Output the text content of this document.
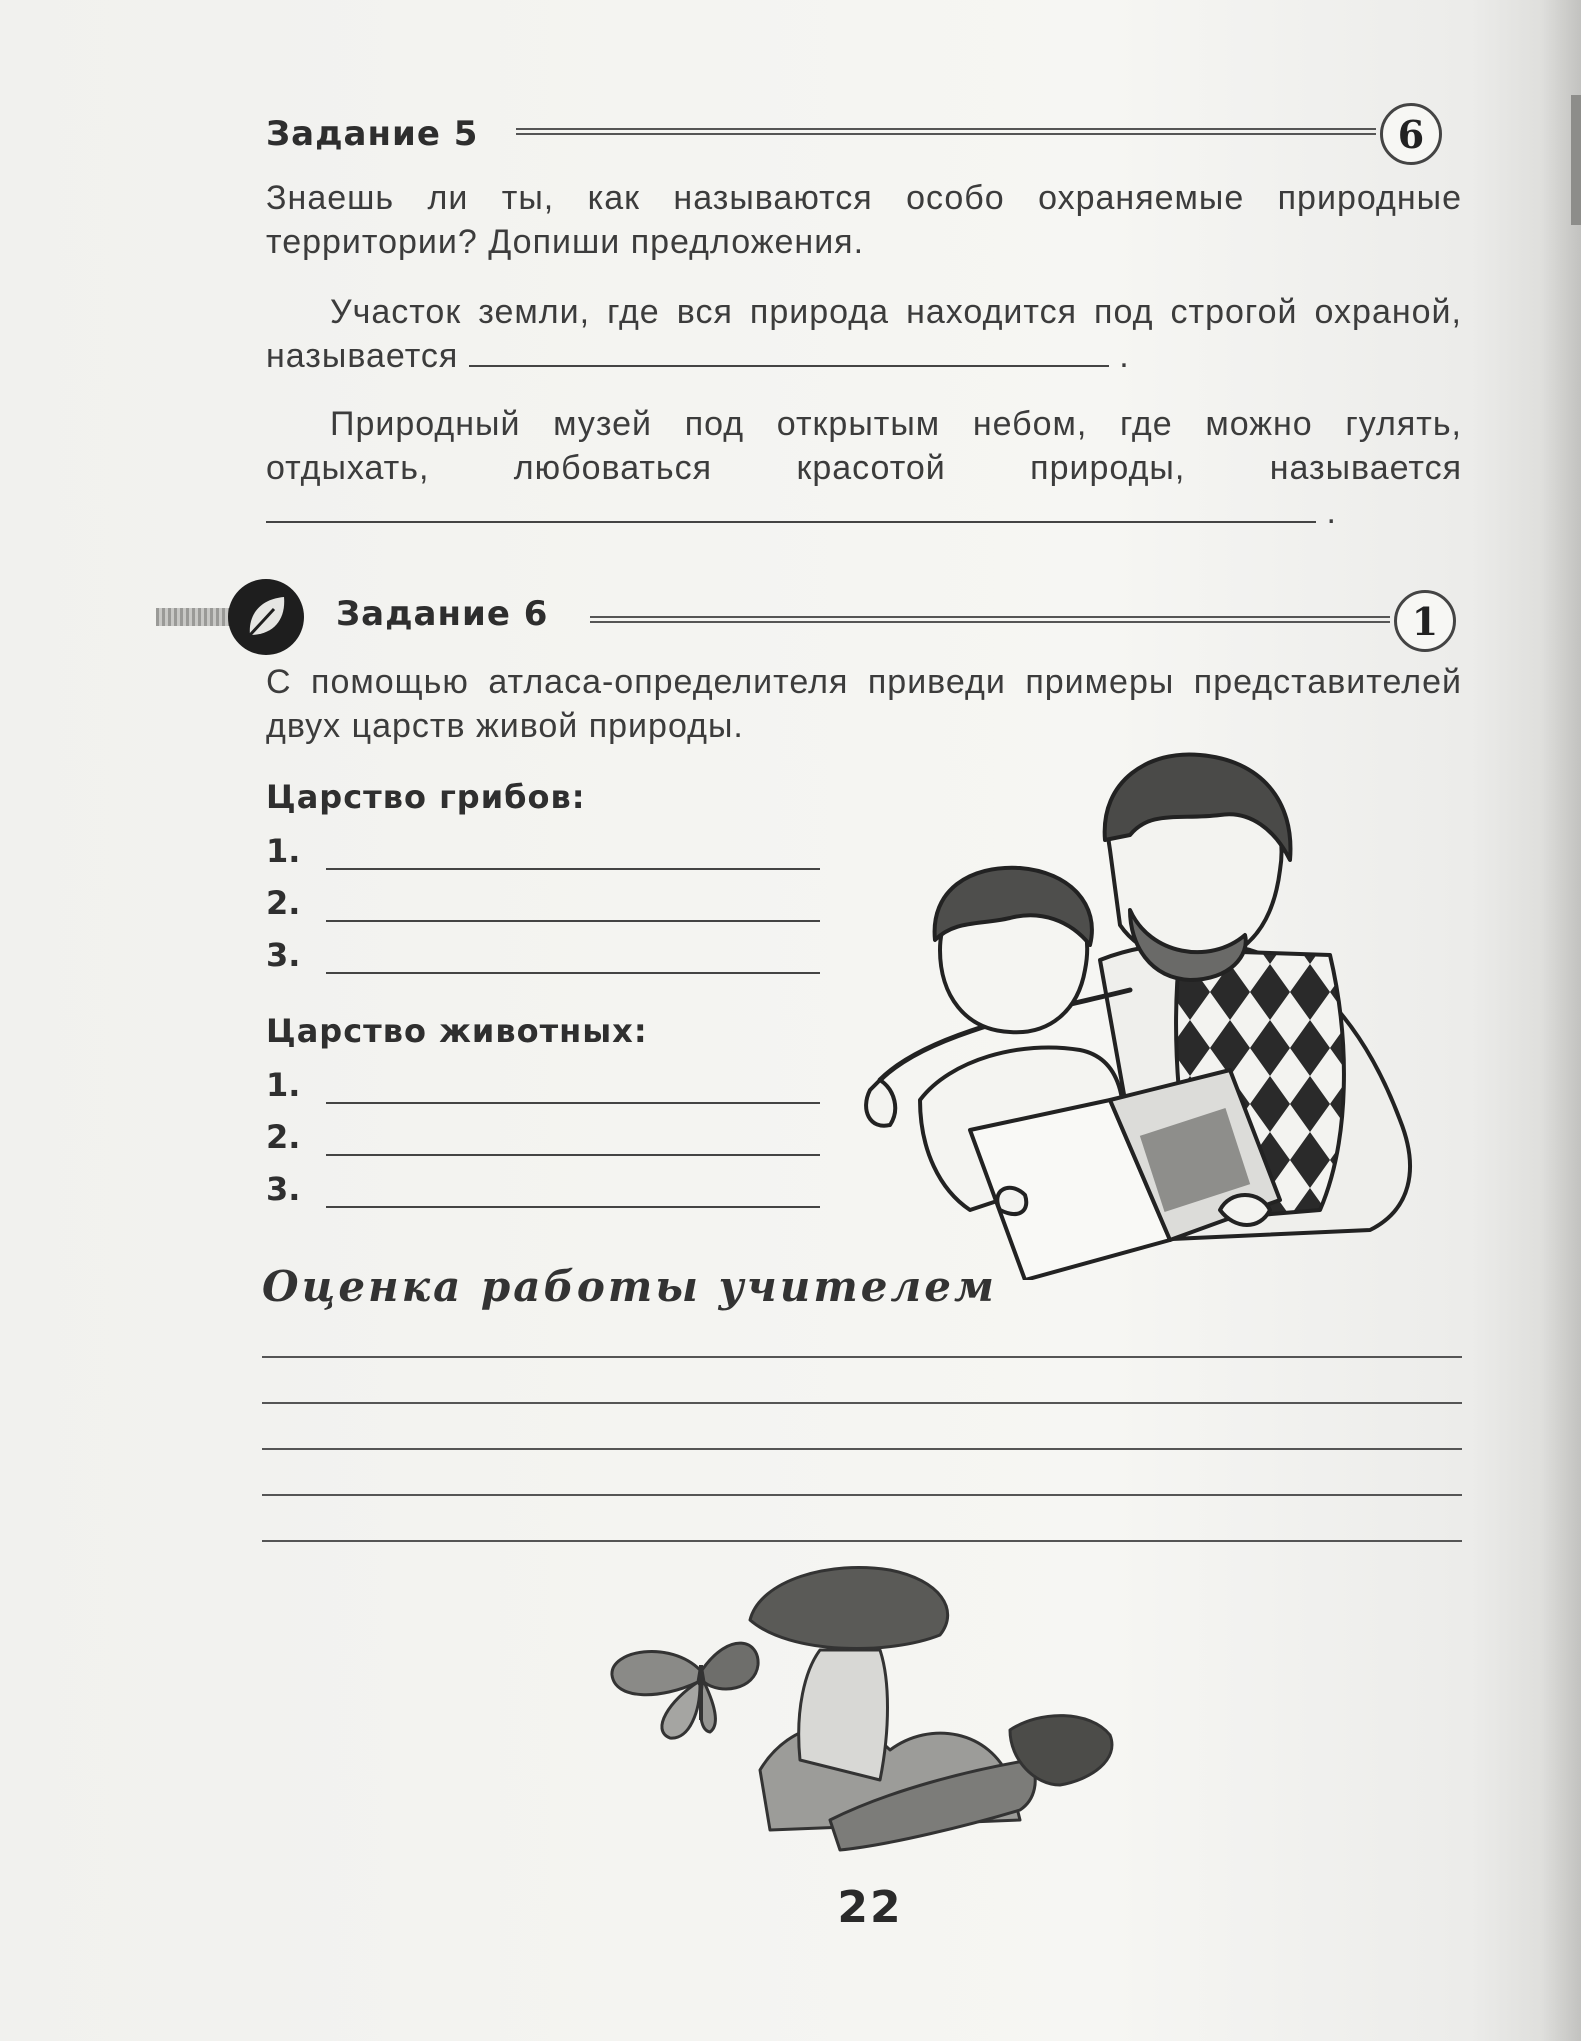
Задание 5	6

Знаешь ли ты, как называются особо охраняемые природные территории? Допиши предложения.

Участок земли, где вся природа находится под строгой охраной, называется	.

Природный музей под открытым небом, где можно гулять, отдыхать, любоваться красотой природы, называется  .

Задание 6	1

С помощью атласа-определителя приведи примеры представителей двух царств живой природы.

Царство грибов:
1.
2.
3.
Царство животных:
1.
2.
3.
Оценка работы учителем
22
